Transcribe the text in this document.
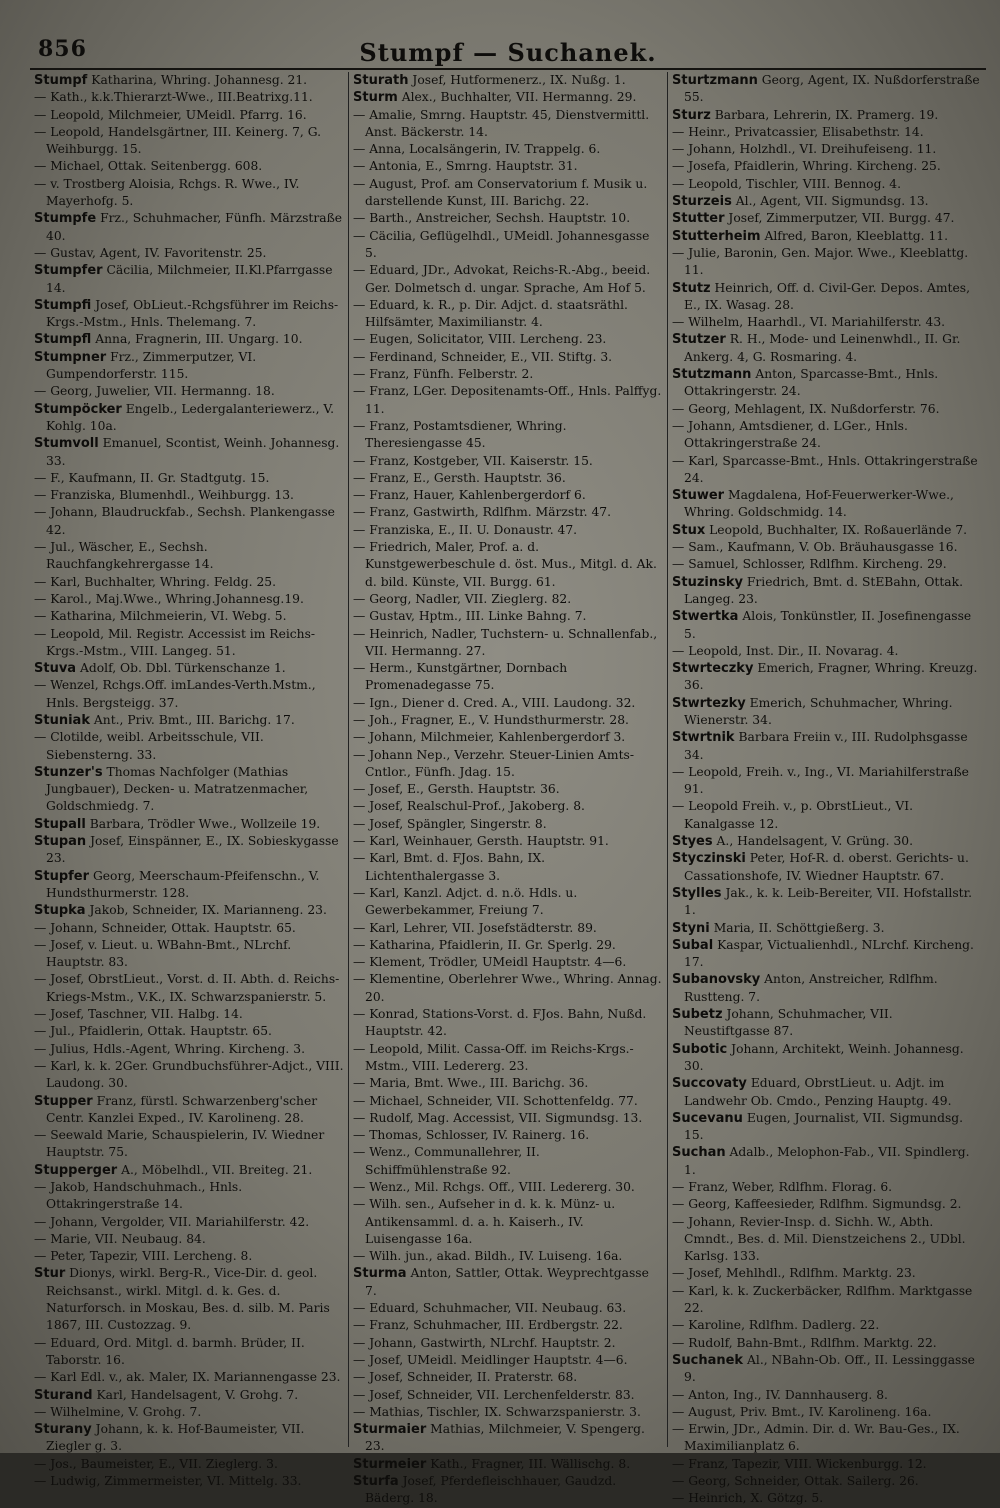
856	Stumpf — Suchanek.

Stumpf Katharina, Whring. Johannesg. 21.

— Kath., k.k.Thierarzt-Wwe., III.Beatrixg.11.

— Leopold, Milchmeier, UMeidl. Pfarrg. 16.

— Leopold, Handelsgärtner, III. Keinerg. 7, G. Weihburgg. 15.

— Michael, Ottak. Seitenbergg. 608.

— v. Trostberg Aloisia, Rchgs. R. Wwe., IV. Mayerhofg. 5.

Stumpfe Frz., Schuhmacher, Fünfh. Märzstraße 40.

— Gustav, Agent, IV. Favoritenstr. 25.

Stumpfer Cäcilia, Milchmeier, II.Kl.Pfarrgasse 14.

Stumpfi Josef, ObLieut.-Rchgsführer im Reichs-Krgs.-Mstm., Hnls. Thelemang. 7.

Stumpfl Anna, Fragnerin, III. Ungarg. 10.

Stumpner Frz., Zimmerputzer, VI. Gumpendorferstr. 115.

— Georg, Juwelier, VII. Hermanng. 18.

Stumpöcker Engelb., Ledergalanteriewerz., V. Kohlg. 10a.

Stumvoll Emanuel, Scontist, Weinh. Johannesg. 33.

— F., Kaufmann, II. Gr. Stadtgutg. 15.

— Franziska, Blumenhdl., Weihburgg. 13.

— Johann, Blaudruckfab., Sechsh. Plankengasse 42.

— Jul., Wäscher, E., Sechsh. Rauchfangkehrergasse 14.

— Karl, Buchhalter, Whring. Feldg. 25.

— Karol., Maj.Wwe., Whring.Johannesg.19.

— Katharina, Milchmeierin, VI. Webg. 5.

— Leopold, Mil. Registr. Accessist im Reichs-Krgs.-Mstm., VIII. Langeg. 51.

Stuva Adolf, Ob. Dbl. Türkenschanze 1.

— Wenzel, Rchgs.Off. imLandes-Verth.Mstm., Hnls. Bergsteigg. 37.

Stuniak Ant., Priv. Bmt., III. Barichg. 17.

— Clotilde, weibl. Arbeitsschule, VII. Siebensterng. 33.

Stunzer's Thomas Nachfolger (Mathias Jungbauer), Decken- u. Matratzenmacher, Goldschmiedg. 7.

Stupall Barbara, Trödler Wwe., Wollzeile 19.

Stupan Josef, Einspänner, E., IX. Sobieskygasse 23.

Stupfer Georg, Meerschaum-Pfeifenschn., V. Hundsthurmerstr. 128.

Stupka Jakob, Schneider, IX. Marianneng. 23.

— Johann, Schneider, Ottak. Hauptstr. 65.

— Josef, v. Lieut. u. WBahn-Bmt., NLrchf. Hauptstr. 83.

— Josef, ObrstLieut., Vorst. d. II. Abth. d. Reichs-Kriegs-Mstm., V.K., IX. Schwarzspanierstr. 5.

— Josef, Taschner, VII. Halbg. 14.

— Jul., Pfaidlerin, Ottak. Hauptstr. 65.

— Julius, Hdls.-Agent, Whring. Kircheng. 3.

— Karl, k. k. 2Ger. Grundbuchsführer-Adjct., VIII. Laudong. 30.

Stupper Franz, fürstl. Schwarzenberg'scher Centr. Kanzlei Exped., IV. Karolineng. 28.

— Seewald Marie, Schauspielerin, IV. Wiedner Hauptstr. 75.

Stupperger A., Möbelhdl., VII. Breiteg. 21.

— Jakob, Handschuhmach., Hnls. Ottakringerstraße 14.

— Johann, Vergolder, VII. Mariahilferstr. 42.

— Marie, VII. Neubaug. 84.

— Peter, Tapezir, VIII. Lercheng. 8.

Stur Dionys, wirkl. Berg-R., Vice-Dir. d. geol. Reichsanst., wirkl. Mitgl. d. k. Ges. d. Naturforsch. in Moskau, Bes. d. silb. M. Paris 1867, III. Custozzag. 9.

— Eduard, Ord. Mitgl. d. barmh. Brüder, II. Taborstr. 16.

— Karl Edl. v., ak. Maler, IX. Mariannengasse 23.

Sturand Karl, Handelsagent, V. Grohg. 7.

— Wilhelmine, V. Grohg. 7.

Sturany Johann, k. k. Hof-Baumeister, VII. Ziegler g. 3.

— Jos., Baumeister, E., VII. Zieglerg. 3.

— Ludwig, Zimmermeister, VI. Mittelg. 33.

Sturath Josef, Hutformenerz., IX. Nußg. 1.

Sturm Alex., Buchhalter, VII. Hermanng. 29.

— Amalie, Smrng. Hauptstr. 45, Dienstvermittl. Anst. Bäckerstr. 14.

— Anna, Localsängerin, IV. Trappelg. 6.

— Antonia, E., Smrng. Hauptstr. 31.

— August, Prof. am Conservatorium f. Musik u. darstellende Kunst, III. Barichg. 22.

— Barth., Anstreicher, Sechsh. Hauptstr. 10.

— Cäcilia, Geflügelhdl., UMeidl. Johannesgasse 5.

— Eduard, JDr., Advokat, Reichs-R.-Abg., beeid. Ger. Dolmetsch d. ungar. Sprache, Am Hof 5.

— Eduard, k. R., p. Dir. Adjct. d. staatsräthl. Hilfsämter, Maximilianstr. 4.

— Eugen, Solicitator, VIII. Lercheng. 23.

— Ferdinand, Schneider, E., VII. Stiftg. 3.

— Franz, Fünfh. Felberstr. 2.

— Franz, LGer. Depositenamts-Off., Hnls. Palffyg. 11.

— Franz, Postamtsdiener, Whring. Theresiengasse 45.

— Franz, Kostgeber, VII. Kaiserstr. 15.

— Franz, E., Gersth. Hauptstr. 36.

— Franz, Hauer, Kahlenbergerdorf 6.

— Franz, Gastwirth, Rdlfhm. Märzstr. 47.

— Franziska, E., II. U. Donaustr. 47.

— Friedrich, Maler, Prof. a. d. Kunstgewerbeschule d. öst. Mus., Mitgl. d. Ak. d. bild. Künste, VII. Burgg. 61.

— Georg, Nadler, VII. Zieglerg. 82.

— Gustav, Hptm., III. Linke Bahng. 7.

— Heinrich, Nadler, Tuchstern- u. Schnallenfab., VII. Hermanng. 27.

— Herm., Kunstgärtner, Dornbach Promenadegasse 75.

— Ign., Diener d. Cred. A., VIII. Laudong. 32.

— Joh., Fragner, E., V. Hundsthurmerstr. 28.

— Johann, Milchmeier, Kahlenbergerdorf 3.

— Johann Nep., Verzehr. Steuer-Linien Amts-Cntlor., Fünfh. Jdag. 15.

— Josef, E., Gersth. Hauptstr. 36.

— Josef, Realschul-Prof., Jakoberg. 8.

— Josef, Spängler, Singerstr. 8.

— Karl, Weinhauer, Gersth. Hauptstr. 91.

— Karl, Bmt. d. FJos. Bahn, IX. Lichtenthalergasse 3.

— Karl, Kanzl. Adjct. d. n.ö. Hdls. u. Gewerbekammer, Freiung 7.

— Karl, Lehrer, VII. Josefstädterstr. 89.

— Katharina, Pfaidlerin, II. Gr. Sperlg. 29.

— Klement, Trödler, UMeidl Hauptstr. 4—6.

— Klementine, Oberlehrer Wwe., Whring. Annag. 20.

— Konrad, Stations-Vorst. d. FJos. Bahn, Nußd. Hauptstr. 42.

— Leopold, Milit. Cassa-Off. im Reichs-Krgs.-Mstm., VIII. Ledererg. 23.

— Maria, Bmt. Wwe., III. Barichg. 36.

— Michael, Schneider, VII. Schottenfeldg. 77.

— Rudolf, Mag. Accessist, VII. Sigmundsg. 13.

— Thomas, Schlosser, IV. Rainerg. 16.

— Wenz., Communallehrer, II. Schiffmühlenstraße 92.

— Wenz., Mil. Rchgs. Off., VIII. Ledererg. 30.

— Wilh. sen., Aufseher in d. k. k. Münz- u. Antikensamml. d. a. h. Kaiserh., IV. Luisengasse 16a.

— Wilh. jun., akad. Bildh., IV. Luiseng. 16a.

Sturma Anton, Sattler, Ottak. Weyprechtgasse 7.

— Eduard, Schuhmacher, VII. Neubaug. 63.

— Franz, Schuhmacher, III. Erdbergstr. 22.

— Johann, Gastwirth, NLrchf. Hauptstr. 2.

— Josef, UMeidl. Meidlinger Hauptstr. 4—6.

— Josef, Schneider, II. Praterstr. 68.

— Josef, Schneider, VII. Lerchenfelderstr. 83.

— Mathias, Tischler, IX. Schwarzspanierstr. 3.

Sturmaier Mathias, Milchmeier, V. Spengerg. 23.

Sturmeier Kath., Fragner, III. Wällischg. 8.

Sturfa Josef, Pferdefleischhauer, Gaudzd. Bäderg. 18.

Sturtzmann Georg, Agent, IX. Nußdorferstraße 55.

Sturz Barbara, Lehrerin, IX. Pramerg. 19.

— Heinr., Privatcassier, Elisabethstr. 14.

— Johann, Holzhdl., VI. Dreihufeiseng. 11.

— Josefa, Pfaidlerin, Whring. Kircheng. 25.

— Leopold, Tischler, VIII. Bennog. 4.

Sturzeis Al., Agent, VII. Sigmundsg. 13.

Stutter Josef, Zimmerputzer, VII. Burgg. 47.

Stutterheim Alfred, Baron, Kleeblattg. 11.

— Julie, Baronin, Gen. Major. Wwe., Kleeblattg. 11.

Stutz Heinrich, Off. d. Civil-Ger. Depos. Amtes, E., IX. Wasag. 28.

— Wilhelm, Haarhdl., VI. Mariahilferstr. 43.

Stutzer R. H., Mode- und Leinenwhdl., II. Gr. Ankerg. 4, G. Rosmaring. 4.

Stutzmann Anton, Sparcasse-Bmt., Hnls. Ottakringerstr. 24.

— Georg, Mehlagent, IX. Nußdorferstr. 76.

— Johann, Amtsdiener, d. LGer., Hnls. Ottakringerstraße 24.

— Karl, Sparcasse-Bmt., Hnls. Ottakringerstraße 24.

Stuwer Magdalena, Hof-Feuerwerker-Wwe., Whring. Goldschmidg. 14.

Stux Leopold, Buchhalter, IX. Roßauerlände 7.

— Sam., Kaufmann, V. Ob. Bräuhausgasse 16.

— Samuel, Schlosser, Rdlfhm. Kircheng. 29.

Stuzinsky Friedrich, Bmt. d. StEBahn, Ottak. Langeg. 23.

Stwertka Alois, Tonkünstler, II. Josefinengasse 5.

— Leopold, Inst. Dir., II. Novarag. 4.

Stwrteczky Emerich, Fragner, Whring. Kreuzg. 36.

Stwrtezky Emerich, Schuhmacher, Whring. Wienerstr. 34.

Stwrtnik Barbara Freiin v., III. Rudolphsgasse 34.

— Leopold, Freih. v., Ing., VI. Mariahilferstraße 91.

— Leopold Freih. v., p. ObrstLieut., VI. Kanalgasse 12.

Styes A., Handelsagent, V. Grüng. 30.

Styczinski Peter, Hof-R. d. oberst. Gerichts- u. Cassationshofe, IV. Wiedner Hauptstr. 67.

Stylles Jak., k. k. Leib-Bereiter, VII. Hofstallstr. 1.

Styni Maria, II. Schöttgießerg. 3.

Subal Kaspar, Victualienhdl., NLrchf. Kircheng. 17.

Subanovsky Anton, Anstreicher, Rdlfhm. Rustteng. 7.

Subetz Johann, Schuhmacher, VII. Neustiftgasse 87.

Subotic Johann, Architekt, Weinh. Johannesg. 30.

Succovaty Eduard, ObrstLieut. u. Adjt. im Landwehr Ob. Cmdo., Penzing Hauptg. 49.

Sucevanu Eugen, Journalist, VII. Sigmundsg. 15.

Suchan Adalb., Melophon-Fab., VII. Spindlerg. 1.

— Franz, Weber, Rdlfhm. Florag. 6.

— Georg, Kaffeesieder, Rdlfhm. Sigmundsg. 2.

— Johann, Revier-Insp. d. Sichh. W., Abth. Cmndt., Bes. d. Mil. Dienstzeichens 2., UDbl. Karlsg. 133.

— Josef, Mehlhdl., Rdlfhm. Marktg. 23.

— Karl, k. k. Zuckerbäcker, Rdlfhm. Marktgasse 22.

— Karoline, Rdlfhm. Dadlerg. 22.

— Rudolf, Bahn-Bmt., Rdlfhm. Marktg. 22.

Suchanek Al., NBahn-Ob. Off., II. Lessinggasse 9.

— Anton, Ing., IV. Dannhauserg. 8.

— August, Priv. Bmt., IV. Karolineng. 16a.

— Erwin, JDr., Admin. Dir. d. Wr. Bau-Ges., IX. Maximilianplatz 6.

— Franz, Tapezir, VIII. Wickenburgg. 12.

— Georg, Schneider, Ottak. Sailerg. 26.

— Heinrich, X. Götzg. 5.
